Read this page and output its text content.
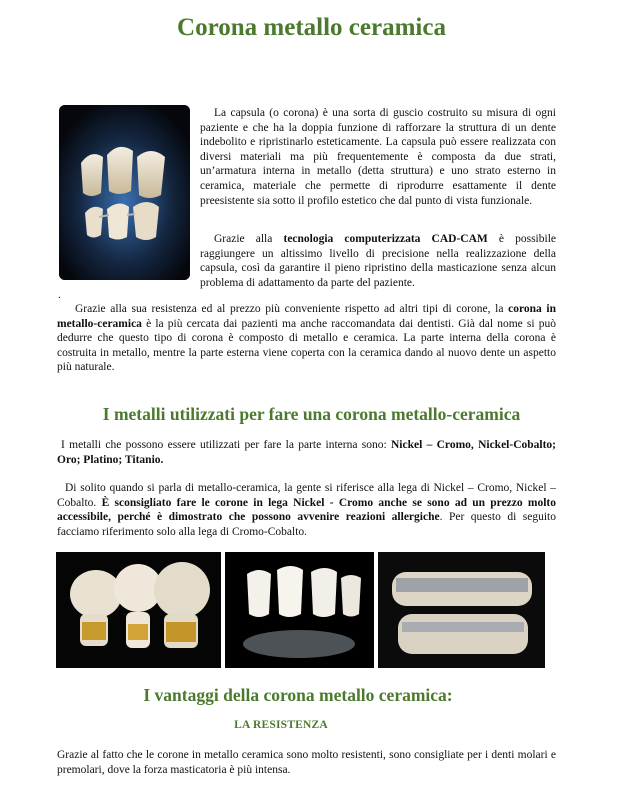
Corona metallo ceramica

La capsula (o corona) è una sorta di guscio costruito su misura di ogni paziente e che ha la doppia funzione di rafforzare la struttura di un dente indebolito e ripristinarlo esteticamente. La capsula può essere realizzata con diversi materiali ma più frequentemente è composta da due strati, un’armatura interna in metallo (detta struttura) e uno strato esterno in ceramica, materiale che permette di riprodurre esattamente il dente preesistente sia sotto il profilo estetico che dal punto di vista funzionale.

Grazie alla tecnologia computerizzata CAD-CAM è possibile raggiungere un altissimo livello di precisione nella realizzazione della capsula, così da garantire il pieno ripristino della masticazione senza alcun problema di adattamento da parte del paziente.

.

Grazie alla sua resistenza ed al prezzo più conveniente rispetto ad altri tipi di corone, la corona in metallo-ceramica è la più cercata dai pazienti ma anche raccomandata dai dentisti. Già dal nome si può dedurre che questo tipo di corona è composto di metallo e ceramica. La parte interna della corona è costruita in metallo, mentre la parte esterna viene coperta con la ceramica dando al nuovo dente un aspetto più naturale.

I metalli utilizzati per fare una corona metallo-ceramica

I metalli che possono essere utilizzati per fare la parte interna sono: Nickel – Cromo, Nickel-Cobalto; Oro; Platino; Titanio.

Di solito quando si parla di metallo-ceramica, la gente si riferisce alla lega di Nickel – Cromo, Nickel – Cobalto. È sconsigliato fare le corone in lega Nickel - Cromo anche se sono ad un prezzo molto accessibile, perché è dimostrato che possono avvenire reazioni allergiche. Per questo di seguito facciamo riferimento solo alla lega di Cromo-Cobalto.

I vantaggi della corona metallo ceramica:

LA RESISTENZA

Grazie al fatto che le corone in metallo ceramica sono molto resistenti, sono consigliate per i denti molari e premolari, dove la forza masticatoria è più intensa.
